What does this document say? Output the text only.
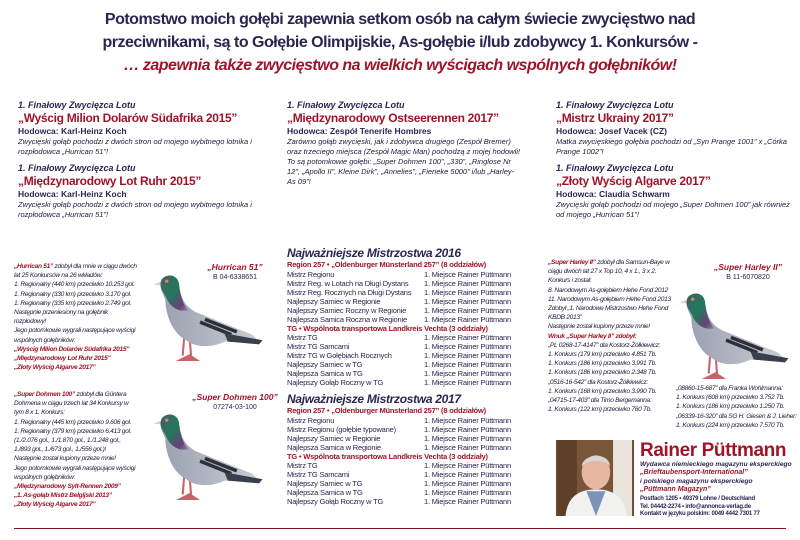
Potomstwo moich gołębi zapewnia setkom osób na całym świecie zwycięstwo nad
przeciwnikami, są to Gołębie Olimpijskie, As-gołębie i/lub zdobywcy 1. Konkursów -
… zapewnia także zwycięstwo na wielkich wyścigach wspólnych gołębników!
1. Finałowy Zwycięzca Lotu
„Wyścig Milion Dolarów Südafrika 2015”
Hodowca: Karl-Heinz Koch
Zwycięski gołąb pochodzi z dwóch stron od mojego wybitnego lotnika i rozpłodowca „Hurrican 51”!
1. Finałowy Zwycięzca Lotu
„Międzynarodowy Lot Ruhr 2015”
Hodowca: Karl-Heinz Koch
Zwycięski gołąb pochodzi z dwóch stron od mojego wybitnego lotnika i rozpłodowca „Hurrican 51”!
1. Finałowy Zwycięzca Lotu
„Międzynarodowy Ostseerennen 2017”
Hodowca: Zespół Tenerife Hombres
Zarówno gołąb zwycięski, jak i zdobywca drugiego (Zespół Bremer) oraz trzeciego miejsca (Zespół Magic Man) pochodzą z mojej hodowli!
To są potomkowie gołębi: „Super Dohmen 100”, „330”, „Ringlose Nr 12”, „Apollo II”, Kleine Dirk”, „Annelies”, „Fieneke 5000” i/lub „Harley-As 09”!
1. Finałowy Zwycięzca Lotu
„Mistrz Ukrainy 2017”
Hodowca: Josef Vacek (CZ)
Matka zwycięskiego gołębia pochodzi od „Syn Prange 1001” x „Córka Prange 1002”!
1. Finałowy Zwycięzca Lotu
„Złoty Wyścig Algarve 2017”
Hodowca: Claudia Schwarm
Zwycięski gołąb pochodzi od mojego „Super Dohmen 100” jak również od mojego „Hurrican 51”!
„Hurrican 51” zdobył dla mnie w ciągu dwóch lat 25 Konkursów na 26 wkładów:
1. Regionalny (440 km) przeciwko 10.253 gol.
1. Regionalny (330 km) przeciwko 3.170 gol.
1. Regionalny (335 km) przeciwko 2.749 gol.
Następnie przeniesiony na gołębnik rozpłodowy!
Jego potomkowie wygrali następujące wyścigi wspólnych gołębników:
„Wyścig Milion Dolarów Südafrika 2015”
„Międzynarodowy Lot Ruhr 2015”
„Złoty Wyścig Algarve 2017”
„Hurrican 51”
B 04-6338651
„Super Dohmen 100” zdobył dla Güntera Dohmena w ciągu trzech lat 34 Konkursy w tym 8 x 1. Konkurs:
1. Regionalny (445 km) przeciwko 9.606 gol.
1. Regionalny (379 km) przeciwko 6.413 gol.
(1./2.076 gol., 1./1.870 gol., 1./1.248 gol., 1./893 gol., 1./673 gol., 1./556 gol.)!
Następnie został kupiony przeze mnie!
Jego potomkowie wygrali następujące wyścigi wspólnych gołębników:
„Międzynarodowy Sylt-Rennen 2009”
„1. As-gołąb Mistrz Belgijski 2013”
„Złoty Wyścig Algarve 2017”
„Super Dohmen 100”
07274-03-100
„Super Harley II” zdobył dla Samsun-Baye w ciągu dwóch lat 27 x Top 10, 4 x 1., 3 x 2. Konkurs i został:
8. Narodowym As-gołębiem Hehe Fond 2012
11. Narodowym As-gołębiem Hehe Fond 2013
Zdobył „1. Narodowe Mistrzostwo Hehe Fond KBDB 2013”
Następnie został kupiony przeze mnie!
Wnuk „Super Harley II” zdobył:
„PL 0268-17-4147” dla Kostorz-Żółkiewicz:
1. Konkurs (179 km) przeciwko 4.851 Tb.
1. Konkurs (186 km) przeciwko 3.991 Tb.
1. Konkurs (186 km) przeciwko 2.348 Tb.
„0516-16-542” dla Kostorz-Żółkiewicz:
1. Konkurs (168 km) przeciwko 3.990 Tb.
„04715-17-403” dla Timo Bergemanna:
1. Konkurs (122 km) przeciwko 760 Tb.
„Super Harley II”
B 11-6070820
„08860-15-687” dla Franka Wohlmanna:
1. Konkurs (608 km) przeciwko 3.752 Tb.
1. Konkurs (186 km) przeciwko 1.250 Tb.
„06339-16-320” dla SG H. Giesen & J. Lieher:
1. Konkurs (224 km) przeciwko 7.570 Tb.
Najważniejsze Mistrzostwa 2016
Region 257 • „Oldenburger Münsterland 257” (8 oddziałów)
Mistrz Regionu	1. Miejsce Rainer Püttmann
Mistrz Reg. w Lotach na Długi Dystans	1. Miejsce Rainer Püttmann
Mistrz Reg. Rocznych na Długi Dystans	1. Miejsce Rainer Püttmann
Najlepszy Samiec w Regionie	1. Miejsce Rainer Püttmann
Najlepszy Samiec Roczny w Regionie	1. Miejsce Rainer Püttmann
Najlepsza Samica Roczna w Regionie	1. Miejsce Rainer Püttmann
TG • Wspólnota transportowa Landkreis Vechta (3 oddziały)
Mistrz TG	1. Miejsce Rainer Püttmann
Mistrz TG Samcami	1. Miejsce Rainer Püttmann
Mistrz TG w Gołębiach Rocznych	1. Miejsce Rainer Püttmann
Najlepszy Samiec w TG	1. Miejsce Rainer Püttmann
Najlepsza Samica w TG	1. Miejsce Rainer Püttmann
Najlepszy Gołąb Roczny w TG	1. Miejsce Rainer Püttmann
Najważniejsze Mistrzostwa 2017
Region 257 • „Oldenburger Münsterland 257” (8 oddziałów)
Mistrz Regionu	1. Miejsce Rainer Püttmann
Mistrz Regionu (gołębie typowane)	1. Miejsce Rainer Püttmann
Najlepszy Samiec w Regionie	1. Miejsce Rainer Püttmann
Najlepsza Samica w Regionie	1. Miejsce Rainer Püttmann
TG • Wspólnota transportowa Landkreis Vechta (3 oddziały)
Mistrz TG	1. Miejsce Rainer Püttmann
Mistrz TG Samcami	1. Miejsce Rainer Püttmann
Najlepszy Samiec w TG	1. Miejsce Rainer Püttmann
Najlepsza Samica w TG	1. Miejsce Rainer Püttmann
Najlepszy Gołąb Roczny w TG	1. Miejsce Rainer Püttmann
Rainer Püttmann
Wydawca niemieckiego magazynu eksperckiego
„Brieftaubensport-International”
i polskiego magazynu eksperckiego
„Püttmann Magazyn”
Postfach 1205 • 49379 Lohne / Deutschland
Tel. 04442-2274 • info@annonca-verlag.de
Kontakt w języku polskim: 0049 4442 7301 77
